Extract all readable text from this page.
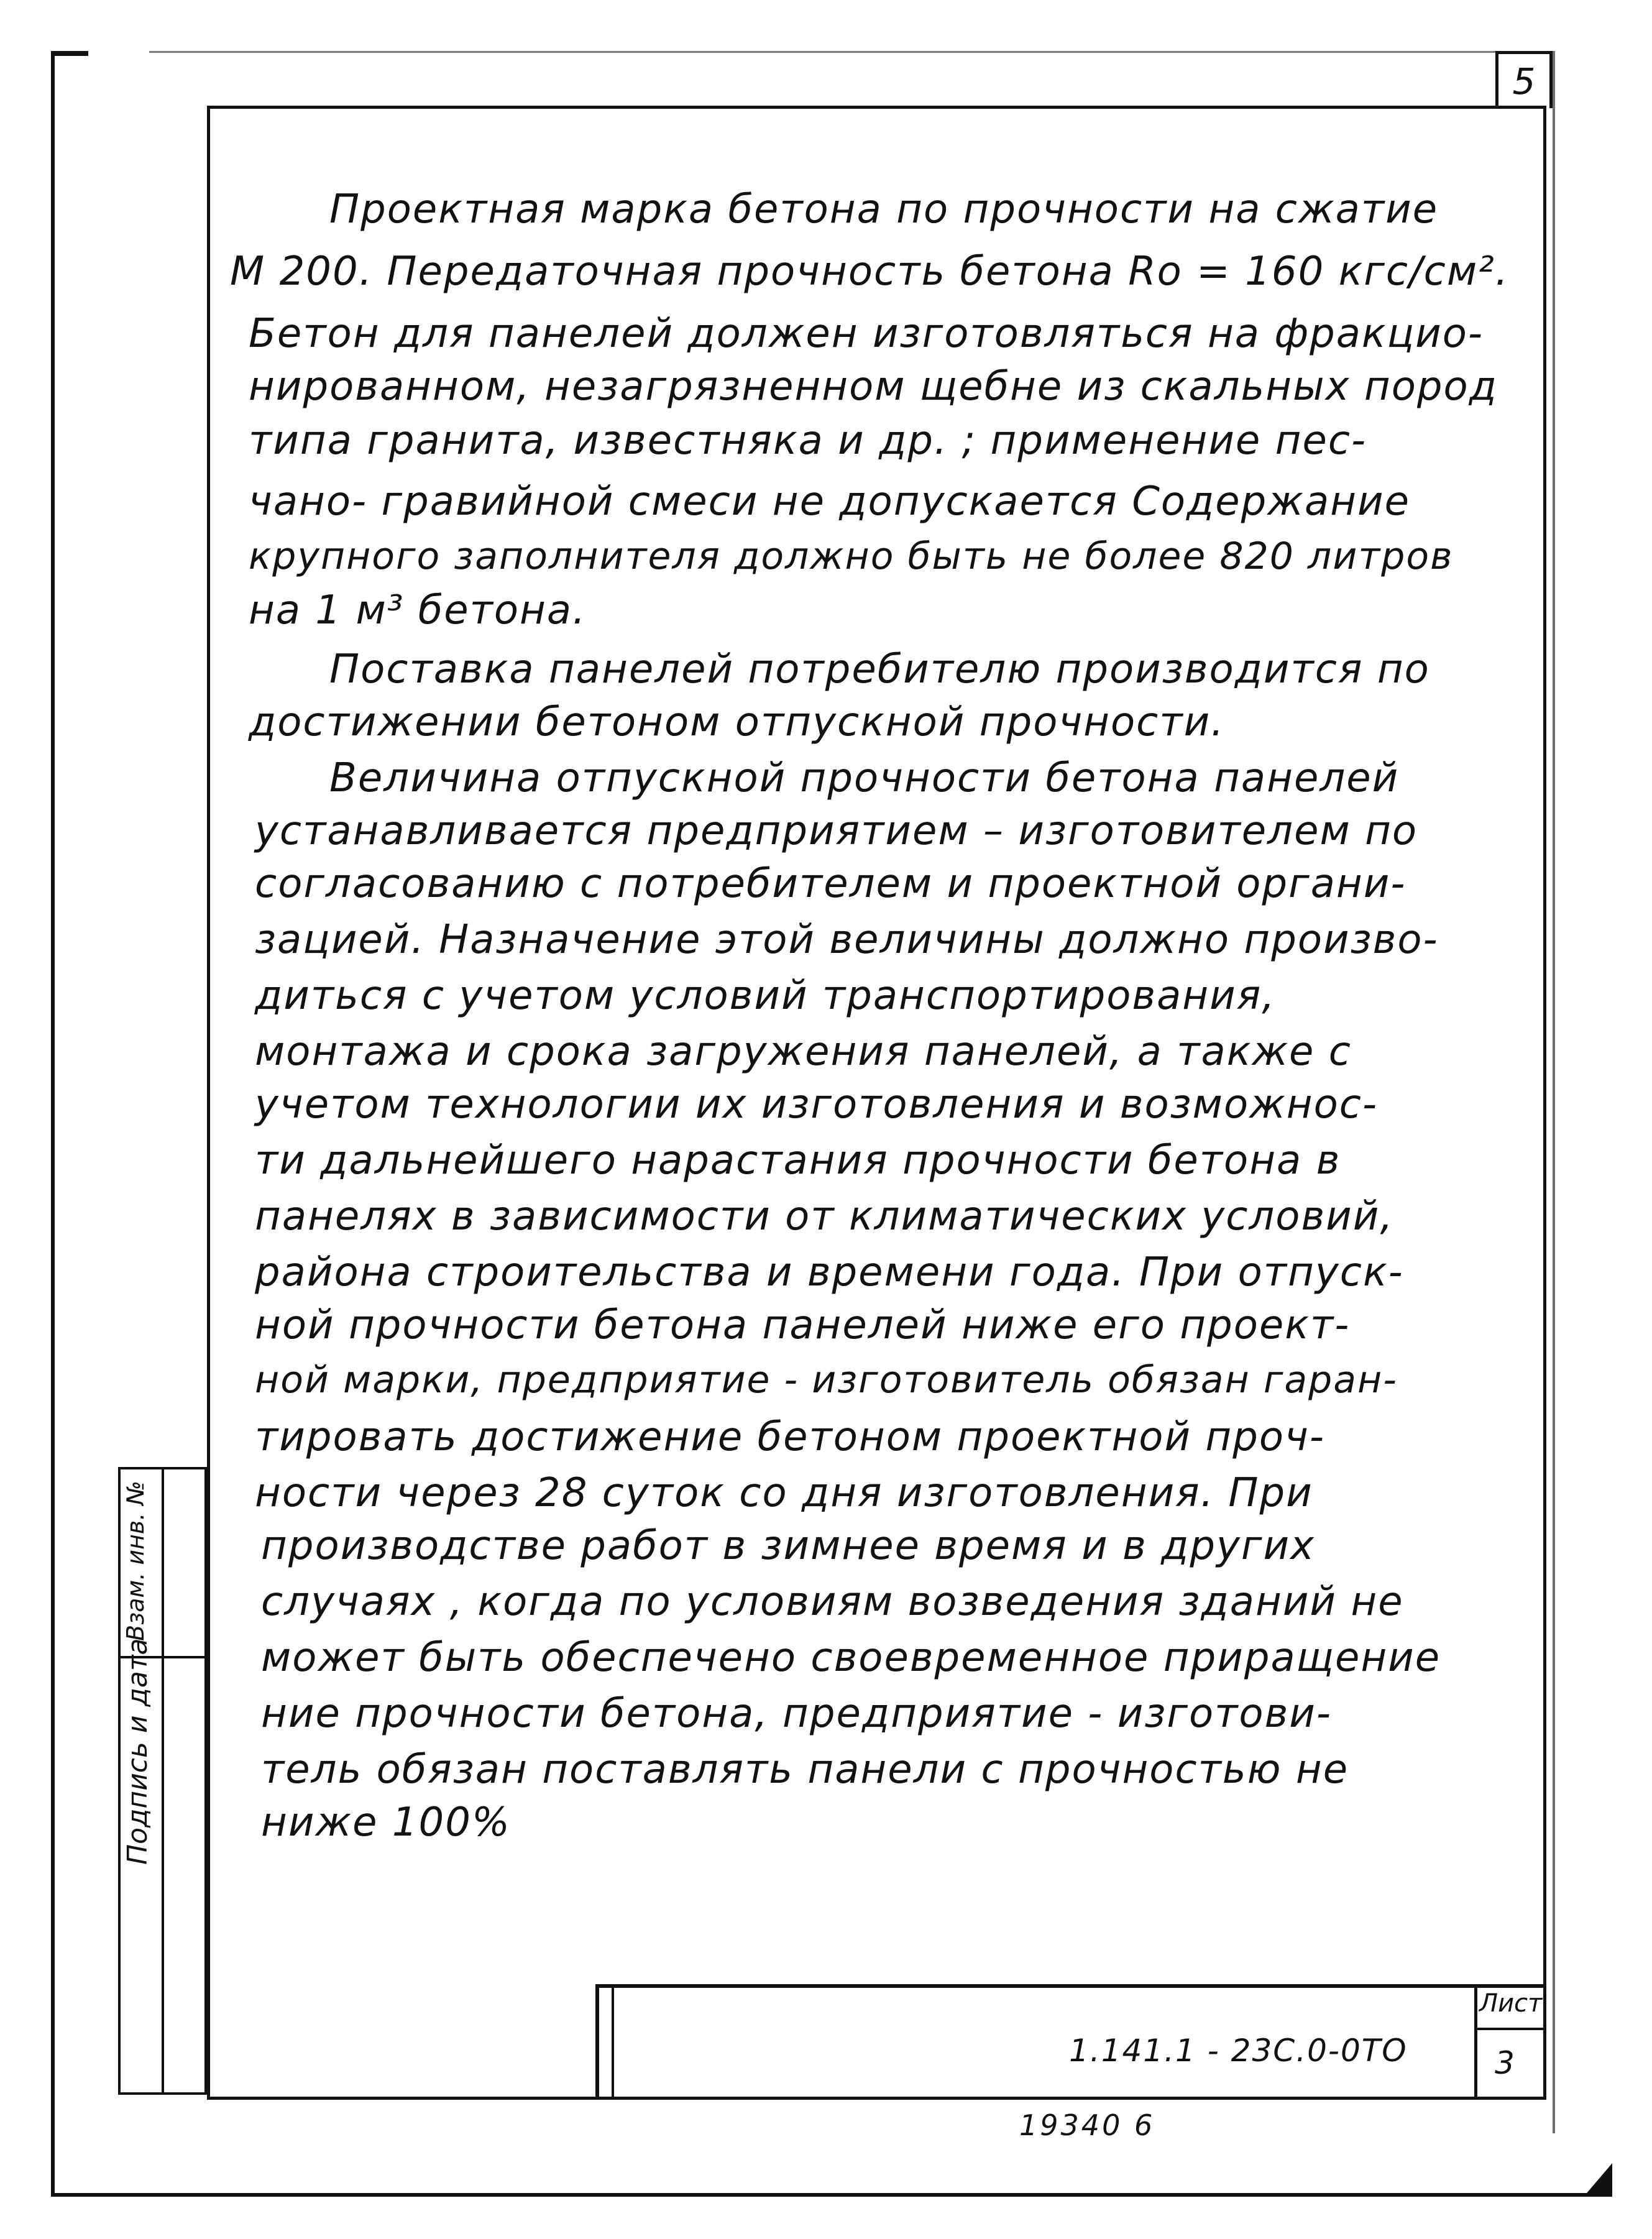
5
Проектная марка бетона по прочности на сжатие
М 200. Передаточная прочность бетона Ro = 160 кгс/см².
Бетон для панелей должен изготовляться на фракцио-
нированном, незагрязненном щебне из скальных пород
типа гранита, известняка и др. ; применение пес-
чано- гравийной смеси не допускается Содержание
крупного заполнителя должно быть не более 820 литров
на 1 м³ бетона.
Поставка панелей потребителю производится по
достижении бетоном отпускной прочности.
Величина отпускной прочности бетона панелей
устанавливается предприятием – изготовителем по
согласованию с потребителем и проектной органи-
зацией. Назначение этой величины должно произво-
диться с учетом условий транспортирования,
монтажа и срока загружения панелей, а также с
учетом технологии их изготовления и возможнос-
ти дальнейшего нарастания прочности бетона в
панелях в зависимости от климатических условий,
района строительства и времени года. При отпуск-
ной прочности бетона панелей ниже его проект-
ной марки, предприятие - изготовитель обязан гаран-
тировать достижение бетоном проектной проч-
ности через 28 суток со дня изготовления. При
производстве работ в зимнее время и в других
случаях , когда по условиям возведения зданий не
может быть обеспечено своевременное приращение
ние прочности бетона, предприятие - изготови-
тель обязан поставлять панели с прочностью не
ниже 100%
Подпись и дата
Взам. инв. №
1.141.1 - 23С.0-0ТО
Лист
3
19340 6
